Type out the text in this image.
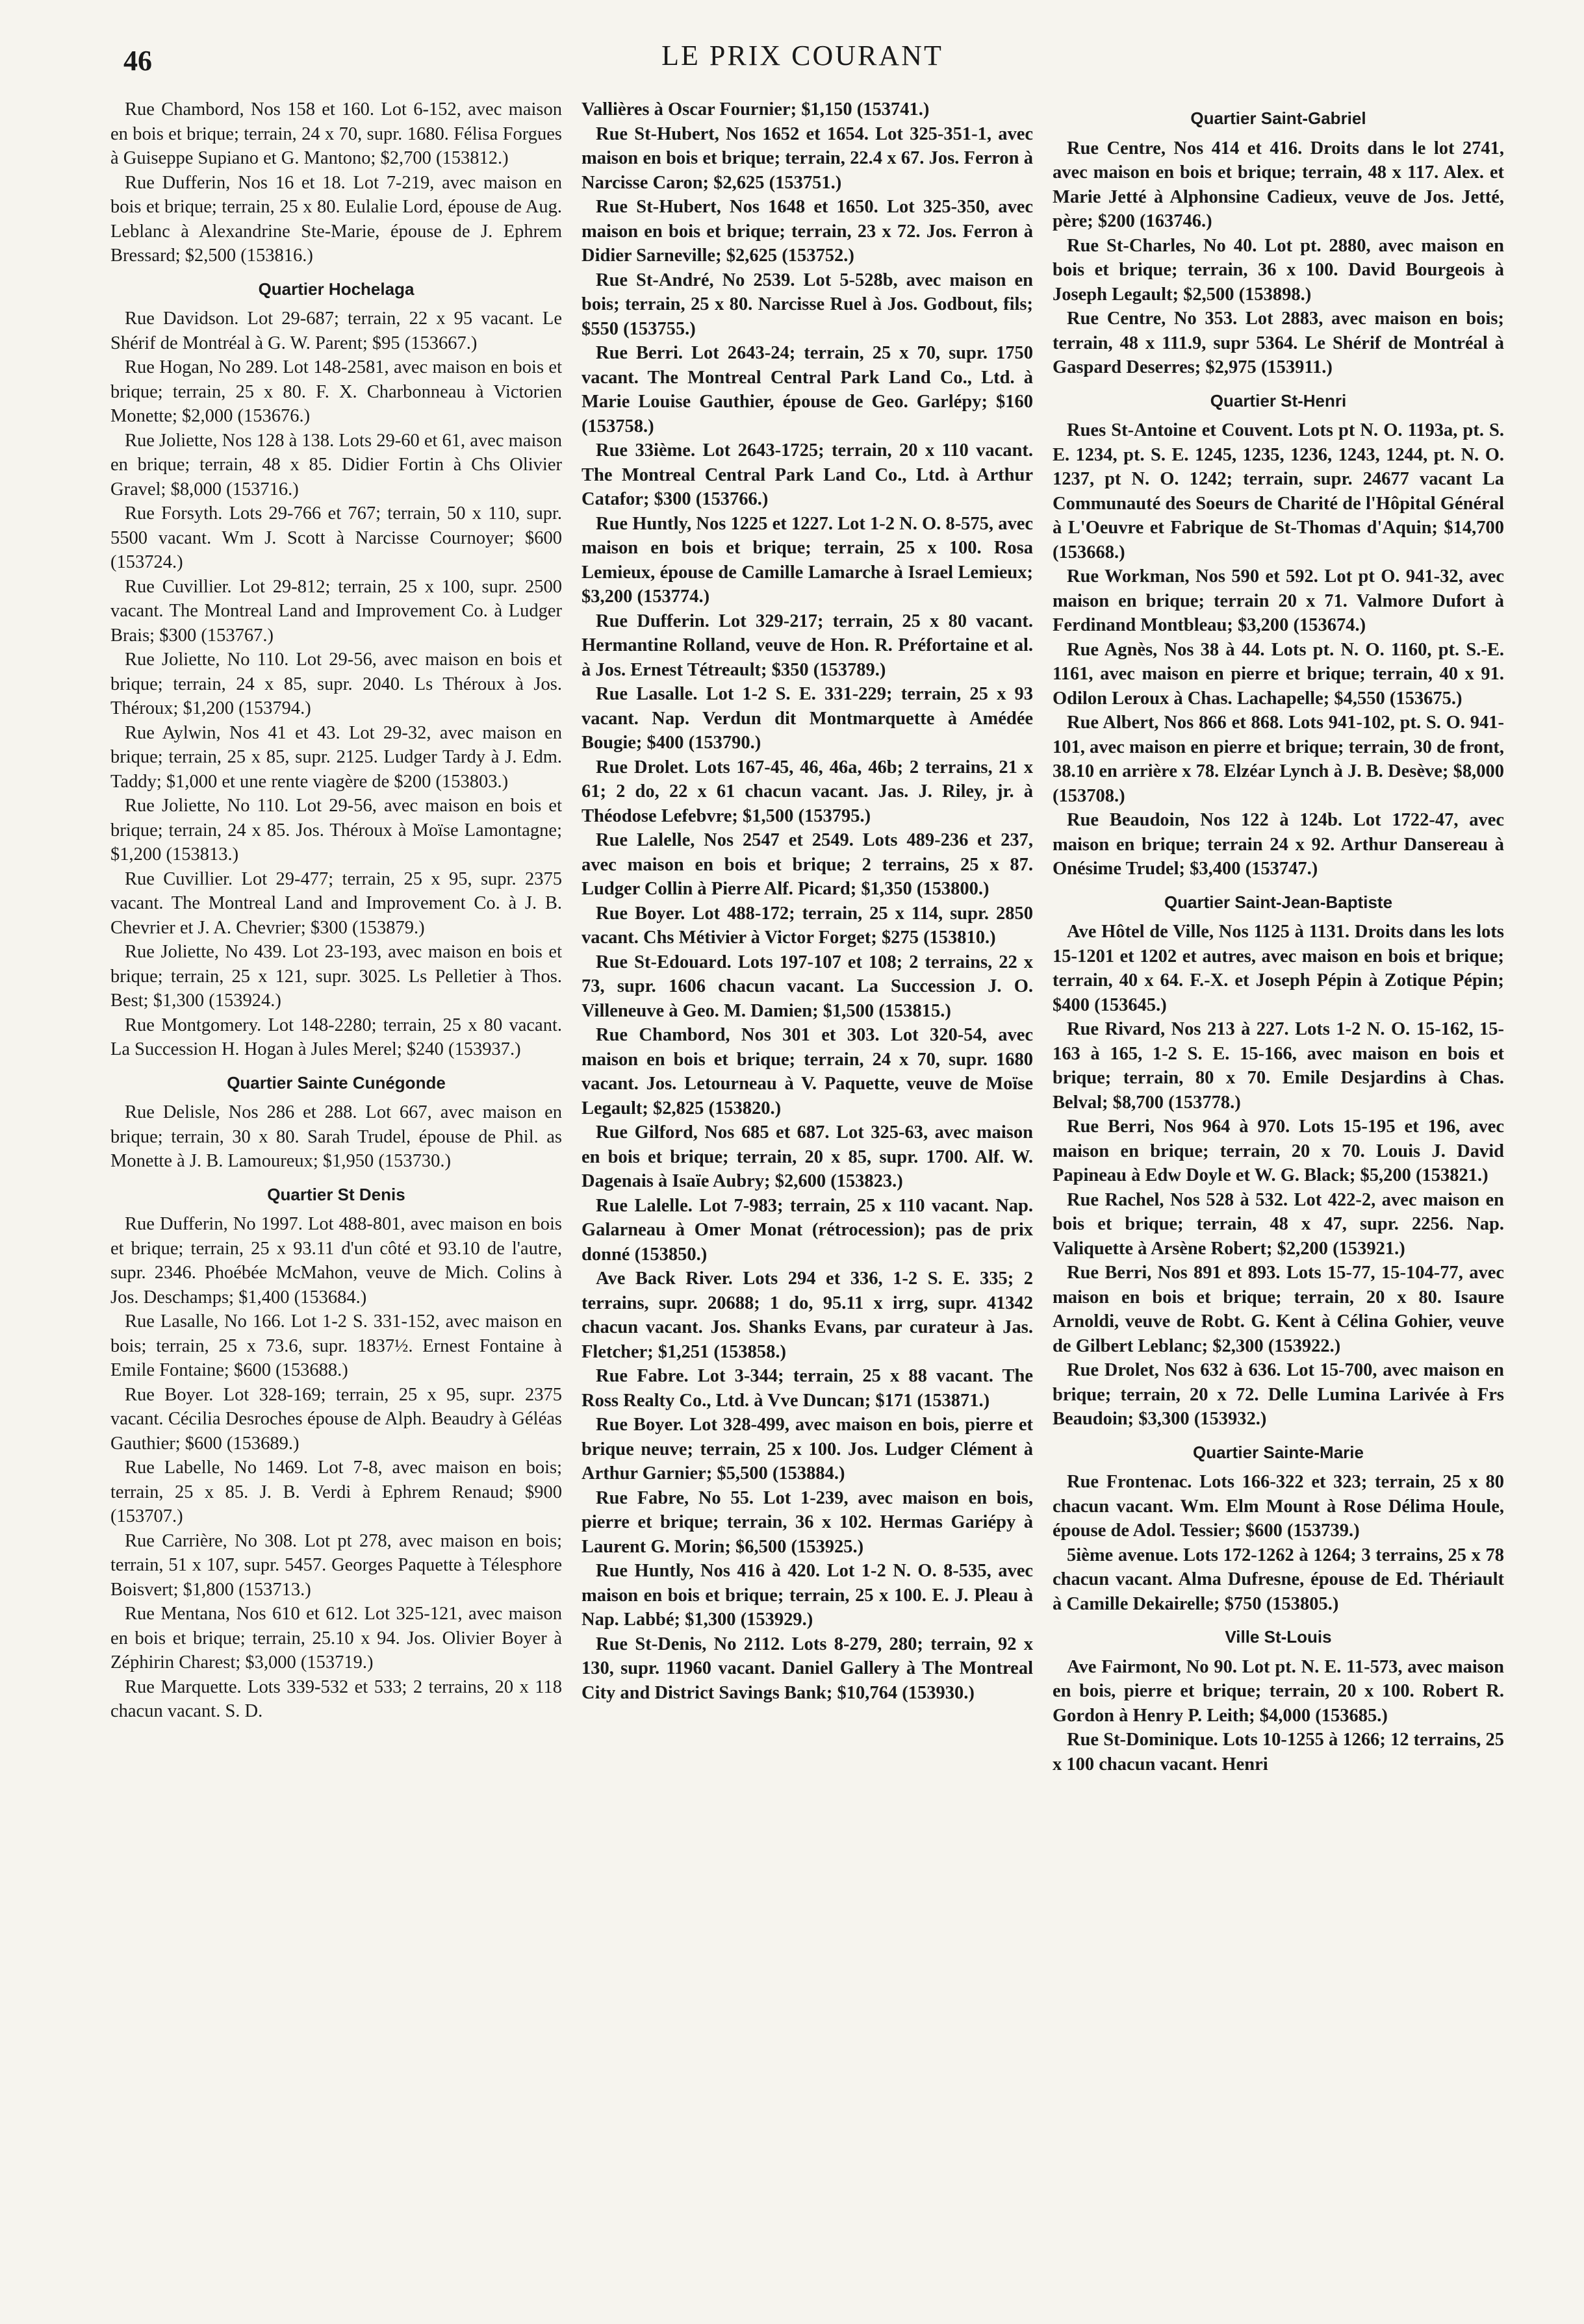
46	LE PRIX COURANT

Rue Chambord, Nos 158 et 160. Lot 6-152, avec maison en bois et brique; terrain, 24 x 70, supr. 1680. Félisa Forgues à Guiseppe Supiano et G. Mantono; $2,700 (153812.)

Rue Dufferin, Nos 16 et 18. Lot 7-219, avec maison en bois et brique; terrain, 25 x 80. Eulalie Lord, épouse de Aug. Leblanc à Alexandrine Ste-Marie, épouse de J. Ephrem Bressard; $2,500 (153816.)

Quartier Hochelaga

Rue Davidson. Lot 29-687; terrain, 22 x 95 vacant. Le Shérif de Montréal à G. W. Parent; $95 (153667.)

Rue Hogan, No 289. Lot 148-2581, avec maison en bois et brique; terrain, 25 x 80. F. X. Charbonneau à Victorien Monette; $2,000 (153676.)

Rue Joliette, Nos 128 à 138. Lots 29-60 et 61, avec maison en brique; terrain, 48 x 85. Didier Fortin à Chs Olivier Gravel; $8,000 (153716.)

Rue Forsyth. Lots 29-766 et 767; terrain, 50 x 110, supr. 5500 vacant. Wm J. Scott à Narcisse Cournoyer; $600 (153724.)

Rue Cuvillier. Lot 29-812; terrain, 25 x 100, supr. 2500 vacant. The Montreal Land and Improvement Co. à Ludger Brais; $300 (153767.)

Rue Joliette, No 110. Lot 29-56, avec maison en bois et brique; terrain, 24 x 85, supr. 2040. Ls Théroux à Jos. Théroux; $1,200 (153794.)

Rue Aylwin, Nos 41 et 43. Lot 29-32, avec maison en brique; terrain, 25 x 85, supr. 2125. Ludger Tardy à J. Edm. Taddy; $1,000 et une rente viagère de $200 (153803.)

Rue Joliette, No 110. Lot 29-56, avec maison en bois et brique; terrain, 24 x 85. Jos. Théroux à Moïse Lamontagne; $1,200 (153813.)

Rue Cuvillier. Lot 29-477; terrain, 25 x 95, supr. 2375 vacant. The Montreal Land and Improvement Co. à J. B. Chevrier et J. A. Chevrier; $300 (153879.)

Rue Joliette, No 439. Lot 23-193, avec maison en bois et brique; terrain, 25 x 121, supr. 3025. Ls Pelletier à Thos. Best; $1,300 (153924.)

Rue Montgomery. Lot 148-2280; terrain, 25 x 80 vacant. La Succession H. Hogan à Jules Merel; $240 (153937.)

Quartier Sainte Cunégonde

Rue Delisle, Nos 286 et 288. Lot 667, avec maison en brique; terrain, 30 x 80. Sarah Trudel, épouse de Phil. as Monette à J. B. Lamoureux; $1,950 (153730.)

Quartier St Denis

Rue Dufferin, No 1997. Lot 488-801, avec maison en bois et brique; terrain, 25 x 93.11 d'un côté et 93.10 de l'autre, supr. 2346. Phoébée McMahon, veuve de Mich. Colins à Jos. Deschamps; $1,400 (153684.)

Rue Lasalle, No 166. Lot 1-2 S. 331-152, avec maison en bois; terrain, 25 x 73.6, supr. 1837½. Ernest Fontaine à Emile Fontaine; $600 (153688.)

Rue Boyer. Lot 328-169; terrain, 25 x 95, supr. 2375 vacant. Cécilia Desroches épouse de Alph. Beaudry à Géléas Gauthier; $600 (153689.)

Rue Labelle, No 1469. Lot 7-8, avec maison en bois; terrain, 25 x 85. J. B. Verdi à Ephrem Renaud; $900 (153707.)

Rue Carrière, No 308. Lot pt 278, avec maison en bois; terrain, 51 x 107, supr. 5457. Georges Paquette à Télesphore Boisvert; $1,800 (153713.)

Rue Mentana, Nos 610 et 612. Lot 325-121, avec maison en bois et brique; terrain, 25.10 x 94. Jos. Olivier Boyer à Zéphirin Charest; $3,000 (153719.)

Rue Marquette. Lots 339-532 et 533; 2 terrains, 20 x 118 chacun vacant. S. D.

Vallières à Oscar Fournier; $1,150 (153741.)

Rue St-Hubert, Nos 1652 et 1654. Lot 325-351-1, avec maison en bois et brique; terrain, 22.4 x 67. Jos. Ferron à Narcisse Caron; $2,625 (153751.)

Rue St-Hubert, Nos 1648 et 1650. Lot 325-350, avec maison en bois et brique; terrain, 23 x 72. Jos. Ferron à Didier Sarneville; $2,625 (153752.)

Rue St-André, No 2539. Lot 5-528b, avec maison en bois; terrain, 25 x 80. Narcisse Ruel à Jos. Godbout, fils; $550 (153755.)

Rue Berri. Lot 2643-24; terrain, 25 x 70, supr. 1750 vacant. The Montreal Central Park Land Co., Ltd. à Marie Louise Gauthier, épouse de Geo. Garlépy; $160 (153758.)

Rue 33ième. Lot 2643-1725; terrain, 20 x 110 vacant. The Montreal Central Park Land Co., Ltd. à Arthur Catafor; $300 (153766.)

Rue Huntly, Nos 1225 et 1227. Lot 1-2 N. O. 8-575, avec maison en bois et brique; terrain, 25 x 100. Rosa Lemieux, épouse de Camille Lamarche à Israel Lemieux; $3,200 (153774.)

Rue Dufferin. Lot 329-217; terrain, 25 x 80 vacant. Hermantine Rolland, veuve de Hon. R. Préfortaine et al. à Jos. Ernest Tétreault; $350 (153789.)

Rue Lasalle. Lot 1-2 S. E. 331-229; terrain, 25 x 93 vacant. Nap. Verdun dit Montmarquette à Amédée Bougie; $400 (153790.)

Rue Drolet. Lots 167-45, 46, 46a, 46b; 2 terrains, 21 x 61; 2 do, 22 x 61 chacun vacant. Jas. J. Riley, jr. à Théodose Lefebvre; $1,500 (153795.)

Rue Lalelle, Nos 2547 et 2549. Lots 489-236 et 237, avec maison en bois et brique; 2 terrains, 25 x 87. Ludger Collin à Pierre Alf. Picard; $1,350 (153800.)

Rue Boyer. Lot 488-172; terrain, 25 x 114, supr. 2850 vacant. Chs Métivier à Victor Forget; $275 (153810.)

Rue St-Edouard. Lots 197-107 et 108; 2 terrains, 22 x 73, supr. 1606 chacun vacant. La Succession J. O. Villeneuve à Geo. M. Damien; $1,500 (153815.)

Rue Chambord, Nos 301 et 303. Lot 320-54, avec maison en bois et brique; terrain, 24 x 70, supr. 1680 vacant. Jos. Letourneau à V. Paquette, veuve de Moïse Legault; $2,825 (153820.)

Rue Gilford, Nos 685 et 687. Lot 325-63, avec maison en bois et brique; terrain, 20 x 85, supr. 1700. Alf. W. Dagenais à Isaïe Aubry; $2,600 (153823.)

Rue Lalelle. Lot 7-983; terrain, 25 x 110 vacant. Nap. Galarneau à Omer Monat (rétrocession); pas de prix donné (153850.)

Ave Back River. Lots 294 et 336, 1-2 S. E. 335; 2 terrains, supr. 20688; 1 do, 95.11 x irrg, supr. 41342 chacun vacant. Jos. Shanks Evans, par curateur à Jas. Fletcher; $1,251 (153858.)

Rue Fabre. Lot 3-344; terrain, 25 x 88 vacant. The Ross Realty Co., Ltd. à Vve Duncan; $171 (153871.)

Rue Boyer. Lot 328-499, avec maison en bois, pierre et brique neuve; terrain, 25 x 100. Jos. Ludger Clément à Arthur Garnier; $5,500 (153884.)

Rue Fabre, No 55. Lot 1-239, avec maison en bois, pierre et brique; terrain, 36 x 102. Hermas Gariépy à Laurent G. Morin; $6,500 (153925.)

Rue Huntly, Nos 416 à 420. Lot 1-2 N. O. 8-535, avec maison en bois et brique; terrain, 25 x 100. E. J. Pleau à Nap. Labbé; $1,300 (153929.)

Rue St-Denis, No 2112. Lots 8-279, 280; terrain, 92 x 130, supr. 11960 vacant. Daniel Gallery à The Montreal City and District Savings Bank; $10,764 (153930.)

Quartier Saint-Gabriel

Rue Centre, Nos 414 et 416. Droits dans le lot 2741, avec maison en bois et brique; terrain, 48 x 117. Alex. et Marie Jetté à Alphonsine Cadieux, veuve de Jos. Jetté, père; $200 (163746.)

Rue St-Charles, No 40. Lot pt. 2880, avec maison en bois et brique; terrain, 36 x 100. David Bourgeois à Joseph Legault; $2,500 (153898.)

Rue Centre, No 353. Lot 2883, avec maison en bois; terrain, 48 x 111.9, supr 5364. Le Shérif de Montréal à Gaspard Deserres; $2,975 (153911.)

Quartier St-Henri

Rues St-Antoine et Couvent. Lots pt N. O. 1193a, pt. S. E. 1234, pt. S. E. 1245, 1235, 1236, 1243, 1244, pt. N. O. 1237, pt N. O. 1242; terrain, supr. 24677 vacant La Communauté des Soeurs de Charité de l'Hôpital Général à L'Oeuvre et Fabrique de St-Thomas d'Aquin; $14,700 (153668.)

Rue Workman, Nos 590 et 592. Lot pt O. 941-32, avec maison en brique; terrain 20 x 71. Valmore Dufort à Ferdinand Montbleau; $3,200 (153674.)

Rue Agnès, Nos 38 à 44. Lots pt. N. O. 1160, pt. S.-E. 1161, avec maison en pierre et brique; terrain, 40 x 91. Odilon Leroux à Chas. Lachapelle; $4,550 (153675.)

Rue Albert, Nos 866 et 868. Lots 941-102, pt. S. O. 941-101, avec maison en pierre et brique; terrain, 30 de front, 38.10 en arrière x 78. Elzéar Lynch à J. B. Desève; $8,000 (153708.)

Rue Beaudoin, Nos 122 à 124b. Lot 1722-47, avec maison en brique; terrain 24 x 92. Arthur Dansereau à Onésime Trudel; $3,400 (153747.)

Quartier Saint-Jean-Baptiste

Ave Hôtel de Ville, Nos 1125 à 1131. Droits dans les lots 15-1201 et 1202 et autres, avec maison en bois et brique; terrain, 40 x 64. F.-X. et Joseph Pépin à Zotique Pépin; $400 (153645.)

Rue Rivard, Nos 213 à 227. Lots 1-2 N. O. 15-162, 15-163 à 165, 1-2 S. E. 15-166, avec maison en bois et brique; terrain, 80 x 70. Emile Desjardins à Chas. Belval; $8,700 (153778.)

Rue Berri, Nos 964 à 970. Lots 15-195 et 196, avec maison en brique; terrain, 20 x 70. Louis J. David Papineau à Edw Doyle et W. G. Black; $5,200 (153821.)

Rue Rachel, Nos 528 à 532. Lot 422-2, avec maison en bois et brique; terrain, 48 x 47, supr. 2256. Nap. Valiquette à Arsène Robert; $2,200 (153921.)

Rue Berri, Nos 891 et 893. Lots 15-77, 15-104-77, avec maison en bois et brique; terrain, 20 x 80. Isaure Arnoldi, veuve de Robt. G. Kent à Célina Gohier, veuve de Gilbert Leblanc; $2,300 (153922.)

Rue Drolet, Nos 632 à 636. Lot 15-700, avec maison en brique; terrain, 20 x 72. Delle Lumina Larivée à Frs Beaudoin; $3,300 (153932.)

Quartier Sainte-Marie

Rue Frontenac. Lots 166-322 et 323; terrain, 25 x 80 chacun vacant. Wm. Elm Mount à Rose Délima Houle, épouse de Adol. Tessier; $600 (153739.)

5ième avenue. Lots 172-1262 à 1264; 3 terrains, 25 x 78 chacun vacant. Alma Dufresne, épouse de Ed. Thériault à Camille Dekairelle; $750 (153805.)

Ville St-Louis

Ave Fairmont, No 90. Lot pt. N. E. 11-573, avec maison en bois, pierre et brique; terrain, 20 x 100. Robert R. Gordon à Henry P. Leith; $4,000 (153685.)

Rue St-Dominique. Lots 10-1255 à 1266; 12 terrains, 25 x 100 chacun vacant. Henri
